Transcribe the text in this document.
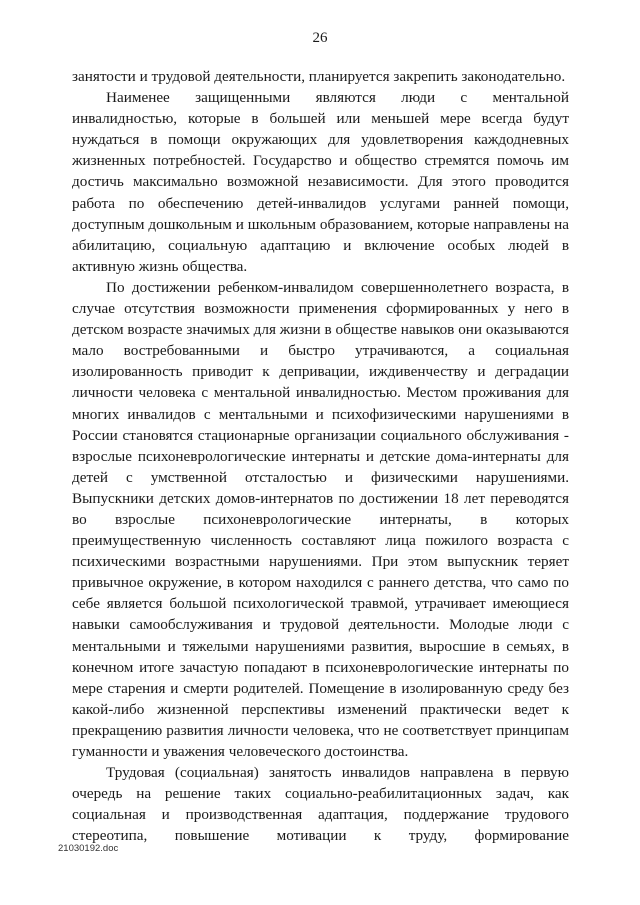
26

занятости и трудовой деятельности, планируется закрепить законодательно.

Наименее защищенными являются люди с ментальной инвалидностью, которые в большей или меньшей мере всегда будут нуждаться в помощи окружающих для удовлетворения каждодневных жизненных потребностей. Государство и общество стремятся помочь им достичь максимально возможной независимости. Для этого проводится работа по обеспечению детей-инвалидов услугами ранней помощи, доступным дошкольным и школьным образованием, которые направлены на абилитацию, социальную адаптацию и включение особых людей в активную жизнь общества.

По достижении ребенком-инвалидом совершеннолетнего возраста, в случае отсутствия возможности применения сформированных у него в детском возрасте значимых для жизни в обществе навыков они оказываются мало востребованными и быстро утрачиваются, а социальная изолированность приводит к депривации, иждивенчеству и деградации личности человека с ментальной инвалидностью. Местом проживания для многих инвалидов с ментальными и психофизическими нарушениями в России становятся стационарные организации социального обслуживания - взрослые психоневрологические интернаты и детские дома-интернаты для детей с умственной отсталостью и физическими нарушениями. Выпускники детских домов-интернатов по достижении 18 лет переводятся во взрослые психоневрологические интернаты, в которых преимущественную численность составляют лица пожилого возраста с психическими возрастными нарушениями. При этом выпускник теряет привычное окружение, в котором находился с раннего детства, что само по себе является большой психологической травмой, утрачивает имеющиеся навыки самообслуживания и трудовой деятельности. Молодые люди с ментальными и тяжелыми нарушениями развития, выросшие в семьях, в конечном итоге зачастую попадают в психоневрологические интернаты по мере старения и смерти родителей. Помещение в изолированную среду без какой-либо жизненной перспективы изменений практически ведет к прекращению развития личности человека, что не соответствует принципам гуманности и уважения человеческого достоинства.

Трудовая (социальная) занятость инвалидов направлена в первую очередь на решение таких социально-реабилитационных задач, как социальная и производственная адаптация, поддержание трудового стереотипа, повышение мотивации к труду, формирование

21030192.doc
